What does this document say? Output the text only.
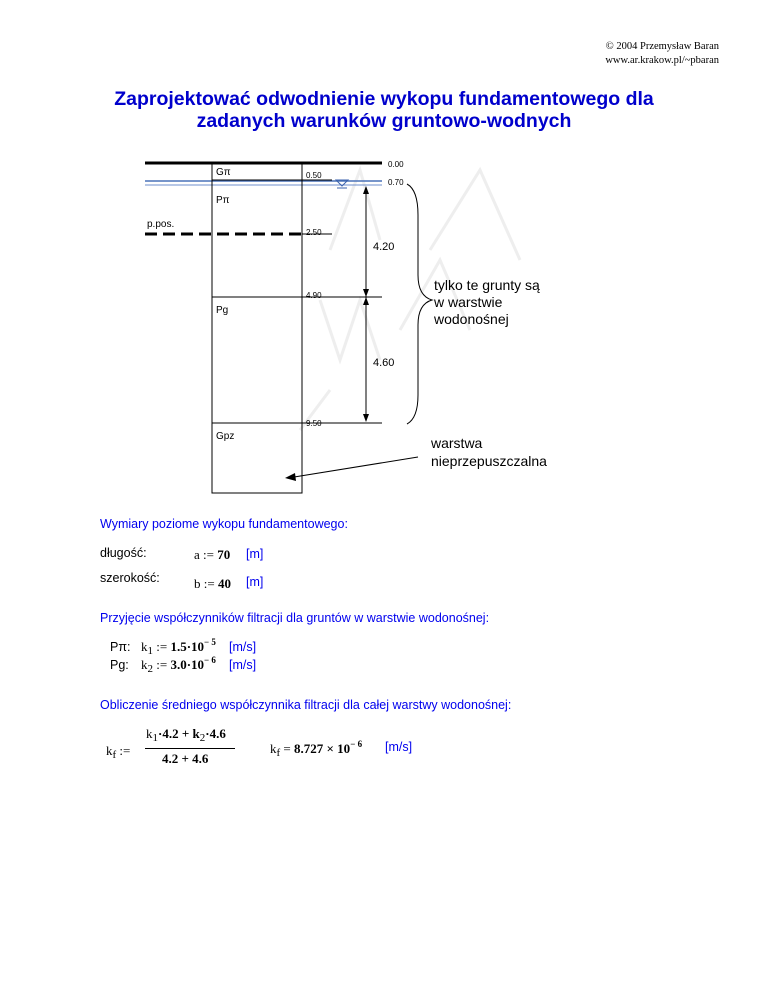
© 2004 Przemysław Baran
www.ar.krakow.pl/~pbaran
Zaprojektować odwodnienie wykopu fundamentowego dla
zadanych warunków gruntowo-wodnych
Gπ
Pπ
Pg
Gpz
0.00
0.50
0.70
2.50
4.90
9.50
4.20
4.60
p.pos.
tylko te grunty są
w warstwie
wodonośnej
warstwa
nieprzepuszczalna
Wymiary poziome wykopu fundamentowego:
długość:	a := 70 [m]
szerokość:	b := 40 [m]
Przyjęcie współczynników filtracji dla gruntów w warstwie wodonośnej:
Pπ: $k_1$ := $1.5\cdot 10^{- 5}$ [m/s]
Pg: $k_2$ := $3.0\cdot 10^{- 6}$ [m/s]
Obliczenie średniego współczynnika filtracji dla całej warstwy wodonośnej:
$k_f$ :=
$k_1\cdot 4.2 + k_2\cdot 4.6$
4.2 + 4.6
$k_f = 8.727 \times 10^{- 6}$ [m/s]
